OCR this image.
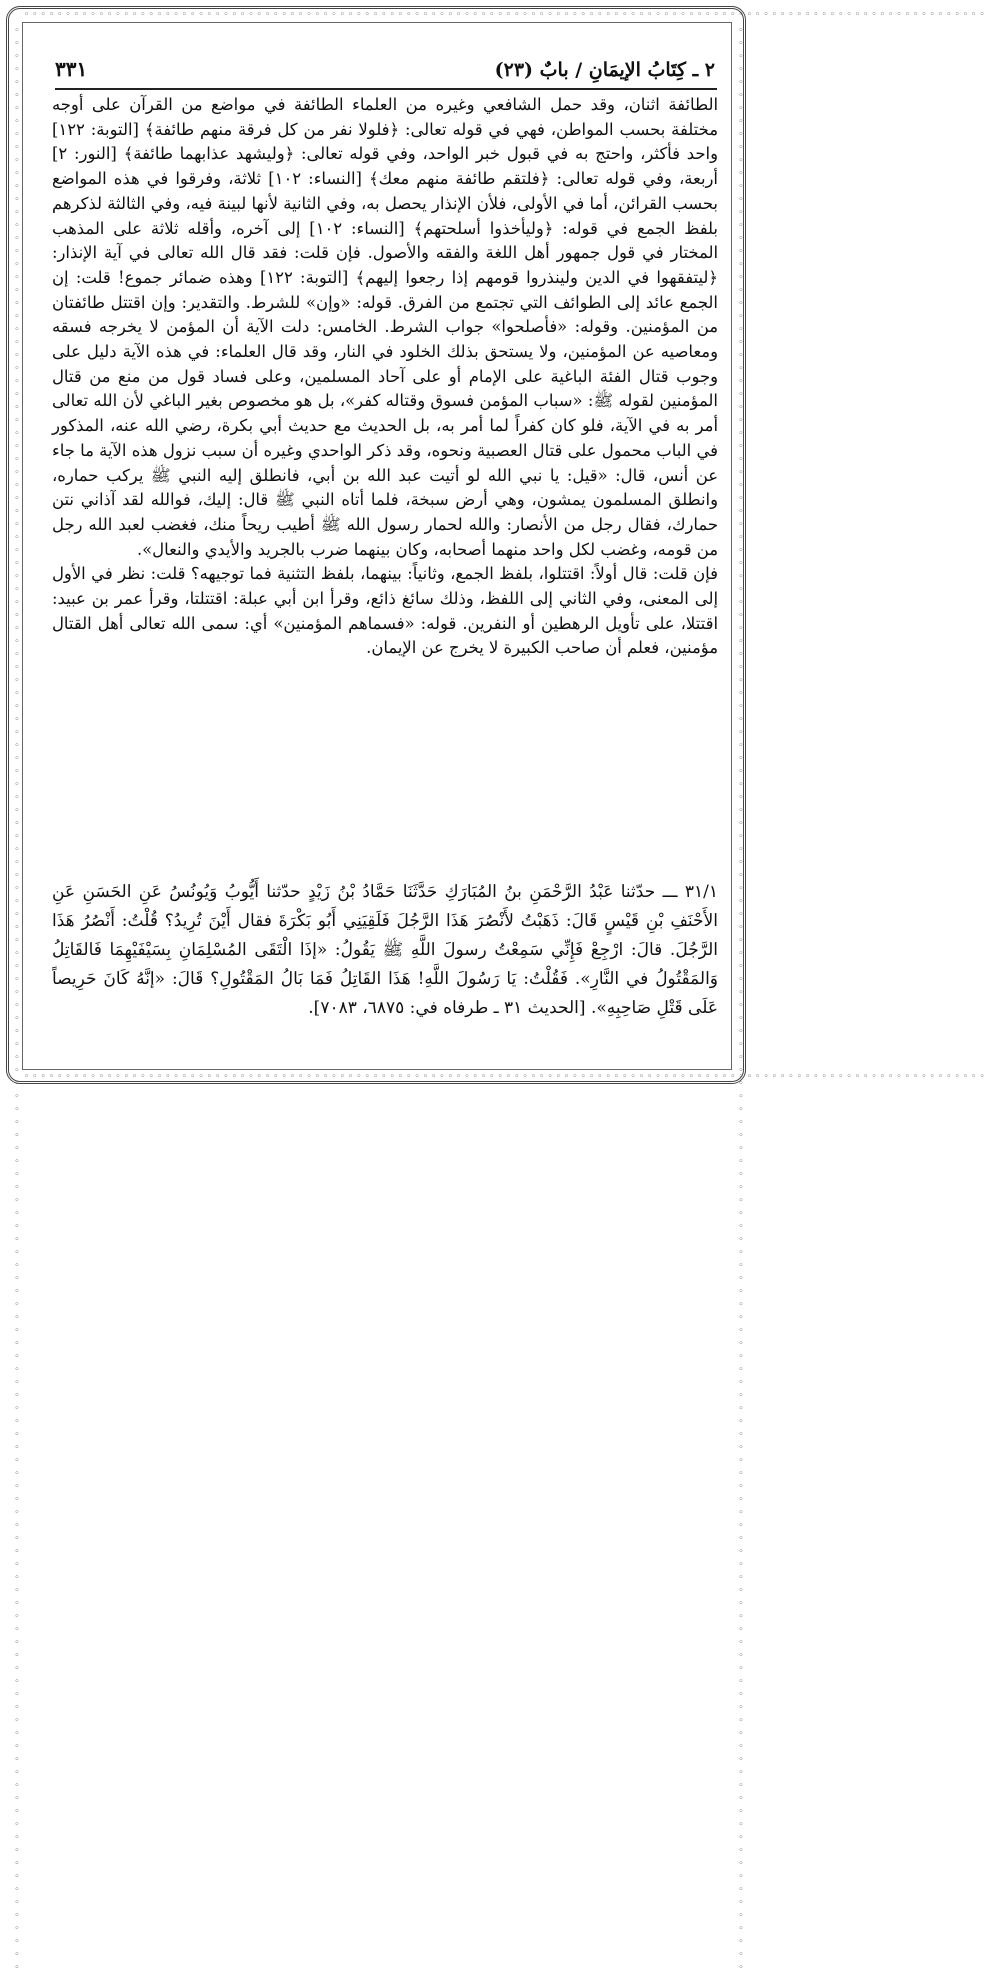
◦◦◦◦◦◦◦◦◦◦◦◦◦◦◦◦◦◦◦◦◦◦◦◦◦◦◦◦◦◦◦◦◦◦◦◦◦◦◦◦◦◦◦◦◦◦◦◦◦◦◦◦◦◦◦◦◦◦◦◦◦◦◦◦◦◦◦◦◦◦◦◦◦◦◦◦◦◦◦◦◦◦◦◦◦◦◦◦◦◦◦◦◦◦◦◦◦◦◦◦◦◦◦◦◦◦◦◦◦◦◦◦◦◦◦◦
◦◦◦◦◦◦◦◦◦◦◦◦◦◦◦◦◦◦◦◦◦◦◦◦◦◦◦◦◦◦◦◦◦◦◦◦◦◦◦◦◦◦◦◦◦◦◦◦◦◦◦◦◦◦◦◦◦◦◦◦◦◦◦◦◦◦◦◦◦◦◦◦◦◦◦◦◦◦◦◦◦◦◦◦◦◦◦◦◦◦◦◦◦◦◦◦◦◦◦◦◦◦◦◦◦◦◦◦◦◦◦◦◦◦◦◦
◦◦◦◦◦◦◦◦◦◦◦◦◦◦◦◦◦◦◦◦◦◦◦◦◦◦◦◦◦◦◦◦◦◦◦◦◦◦◦◦◦◦◦◦◦◦◦◦◦◦◦◦◦◦◦◦◦◦◦◦◦◦◦◦◦◦◦◦◦◦◦◦◦◦◦◦◦◦◦◦◦◦◦◦◦◦◦◦◦◦◦◦◦◦◦◦◦◦◦◦◦◦◦◦◦◦◦◦◦◦◦◦◦◦◦◦◦◦◦◦◦◦◦◦◦◦◦◦◦◦◦◦◦◦◦◦◦◦◦◦◦◦◦◦◦◦◦◦◦◦	◦◦◦◦◦◦◦◦◦◦◦◦◦◦◦◦◦◦◦◦◦◦◦◦◦◦◦◦◦◦◦◦◦◦◦◦◦◦◦◦◦◦◦◦◦◦◦◦◦◦◦◦◦◦◦◦◦◦◦◦◦◦◦◦◦◦◦◦◦◦◦◦◦◦◦◦◦◦◦◦◦◦◦◦◦◦◦◦◦◦◦◦◦◦◦◦◦◦◦◦◦◦◦◦◦◦◦◦◦◦◦◦◦◦◦◦◦◦◦◦◦◦◦◦◦◦◦◦◦◦◦◦◦◦◦◦◦◦◦◦◦◦◦◦◦◦◦◦◦◦
٢ ـ كِتَابُ الإيمَانِ / بابٌ (٢٣)
٣٣١

الطائفة اثنان، وقد حمل الشافعي وغيره من العلماء الطائفة في مواضع من القرآن على أوجه مختلفة بحسب المواطن، فهي في قوله تعالى: ﴿فلولا نفر من كل فرقة منهم طائفة﴾ [التوبة: ١٢٢] واحد فأكثر، واحتج به في قبول خبر الواحد، وفي قوله تعالى: ﴿وليشهد عذابهما طائفة﴾ [النور: ٢] أربعة، وفي قوله تعالى: ﴿فلتقم طائفة منهم معك﴾ [النساء: ١٠٢] ثلاثة، وفرقوا في هذه المواضع بحسب القرائن، أما في الأولى، فلأن الإنذار يحصل به، وفي الثانية لأنها لبينة فيه، وفي الثالثة لذكرهم بلفظ الجمع في قوله: ﴿وليأخذوا أسلحتهم﴾ [النساء: ١٠٢] إلى آخره، وأقله ثلاثة على المذهب المختار في قول جمهور أهل اللغة والفقه والأصول. فإن قلت: فقد قال الله تعالى في آية الإنذار: ﴿ليتفقهوا في الدين ولينذروا قومهم إذا رجعوا إليهم﴾ [التوبة: ١٢٢] وهذه ضمائر جموع! قلت: إن الجمع عائد إلى الطوائف التي تجتمع من الفرق. قوله: «وإن» للشرط. والتقدير: وإن اقتتل طائفتان من المؤمنين. وقوله: «فأصلحوا» جواب الشرط. الخامس: دلت الآية أن المؤمن لا يخرجه فسقه ومعاصيه عن المؤمنين، ولا يستحق بذلك الخلود في النار، وقد قال العلماء: في هذه الآية دليل على وجوب قتال الفئة الباغية على الإمام أو على آحاد المسلمين، وعلى فساد قول من منع من قتال المؤمنين لقوله ﷺ: «سباب المؤمن فسوق وقتاله كفر»، بل هو مخصوص بغير الباغي لأن الله تعالى أمر به في الآية، فلو كان كفراً لما أمر به، بل الحديث مع حديث أبي بكرة، رضي الله عنه، المذكور في الباب محمول على قتال العصبية ونحوه، وقد ذكر الواحدي وغيره أن سبب نزول هذه الآية ما جاء عن أنس، قال: «قيل: يا نبي الله لو أتيت عبد الله بن أبي، فانطلق إليه النبي ﷺ يركب حماره، وانطلق المسلمون يمشون، وهي أرض سبخة، فلما أتاه النبي ﷺ قال: إليك، فوالله لقد آذاني نتن حمارك، فقال رجل من الأنصار: والله لحمار رسول الله ﷺ أطيب ريحاً منك، فغضب لعبد الله رجل من قومه، وغضب لكل واحد منهما أصحابه، وكان بينهما ضرب بالجريد والأيدي والنعال».

فإن قلت: قال أولاً: اقتتلوا، بلفظ الجمع، وثانياً: بينهما، بلفظ التثنية فما توجيهه؟ قلت: نظر في الأول إلى المعنى، وفي الثاني إلى اللفظ، وذلك سائغ ذائع، وقرأ ابن أبي عبلة: اقتتلتا، وقرأ عمر بن عبيد: اقتتلا، على تأويل الرهطين أو النفرين. قوله: «فسماهم المؤمنين» أي: سمى الله تعالى أهل القتال مؤمنين، فعلم أن صاحب الكبيرة لا يخرج عن الإيمان.

٣١/١ ـــ حدّثنا عَبْدُ الرَّحْمَنِ بنُ المُبَارَكِ حَدَّثَنَا حَمَّادُ بْنُ زَيْدٍ حدّثنا أَيُّوبُ وَيُونُسُ عَنِ الحَسَنِ عَنِ الأَحْنَفِ بْنِ قَيْسٍ قَالَ: ذَهَبْتُ لأَنْصُرَ هَذَا الرَّجُلَ فَلَقِيَنِي أَبُو بَكْرَةَ فقال أَيْنَ تُرِيدُ؟ قُلْتُ: أَنْصُرُ هَذَا الرَّجُلَ. قالَ: ارْجِعْ فَإِنِّي سَمِعْتُ رسولَ اللَّهِ ﷺ يَقُولُ: «إذَا الْتَقَى المُسْلِمَانِ بِسَيْفَيْهِمَا فَالقَاتِلُ وَالمَقْتُولُ في النَّارِ». فَقُلْتُ: يَا رَسُولَ اللَّهِ! هَذَا القَاتِلُ فَمَا بَالُ المَقْتُولِ؟ قَالَ: «إنَّهُ كَانَ حَرِيصاً عَلَى قَتْلِ صَاحِبِهِ». [الحديث ٣١ ـ طرفاه في: ٦٨٧٥، ٧٠٨٣].
